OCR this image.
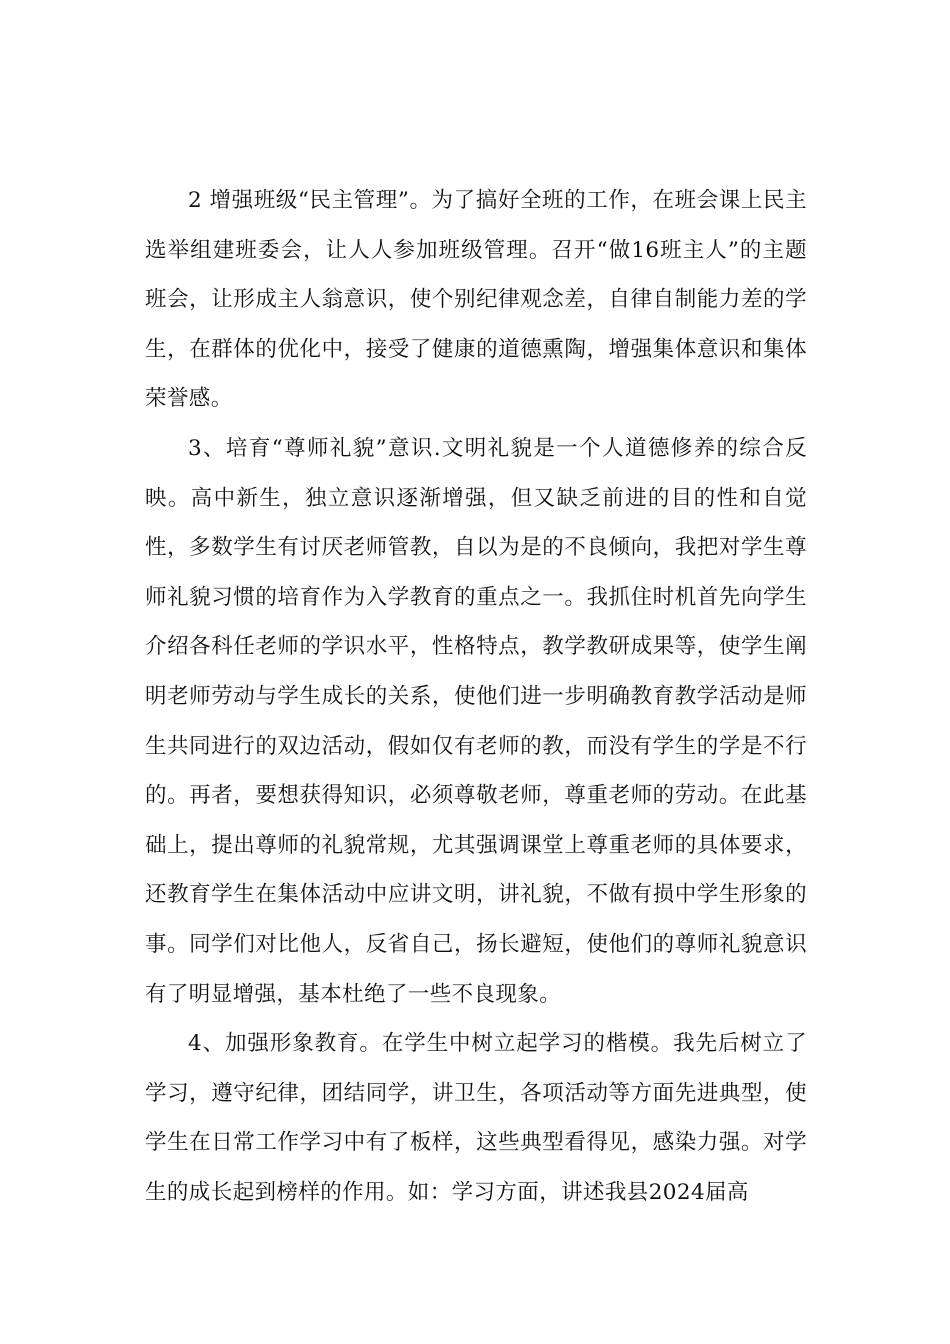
2 增强班级“民主管理”。为了搞好全班的工作，在班会课上民主选举组建班委会，让人人参加班级管理。召开“做16班主人”的主题班会，让形成主人翁意识，使个别纪律观念差，自律自制能力差的学生，在群体的优化中，接受了健康的道德熏陶，增强集体意识和集体荣誉感。

3、培育“尊师礼貌”意识.文明礼貌是一个人道德修养的综合反映。高中新生，独立意识逐渐增强，但又缺乏前进的目的性和自觉性，多数学生有讨厌老师管教，自以为是的不良倾向，我把对学生尊师礼貌习惯的培育作为入学教育的重点之一。我抓住时机首先向学生介绍各科任老师的学识水平，性格特点，教学教研成果等，使学生阐明老师劳动与学生成长的关系，使他们进一步明确教育教学活动是师生共同进行的双边活动，假如仅有老师的教，而没有学生的学是不行的。再者，要想获得知识，必须尊敬老师，尊重老师的劳动。在此基础上，提出尊师的礼貌常规，尤其强调课堂上尊重老师的具体要求，还教育学生在集体活动中应讲文明，讲礼貌，不做有损中学生形象的事。同学们对比他人，反省自己，扬长避短，使他们的尊师礼貌意识有了明显增强，基本杜绝了一些不良现象。

4、加强形象教育。在学生中树立起学习的楷模。我先后树立了学习，遵守纪律，团结同学，讲卫生，各项活动等方面先进典型，使学生在日常工作学习中有了板样，这些典型看得见，感染力强。对学生的成长起到榜样的作用。如：学习方面，讲述我县2024届高
